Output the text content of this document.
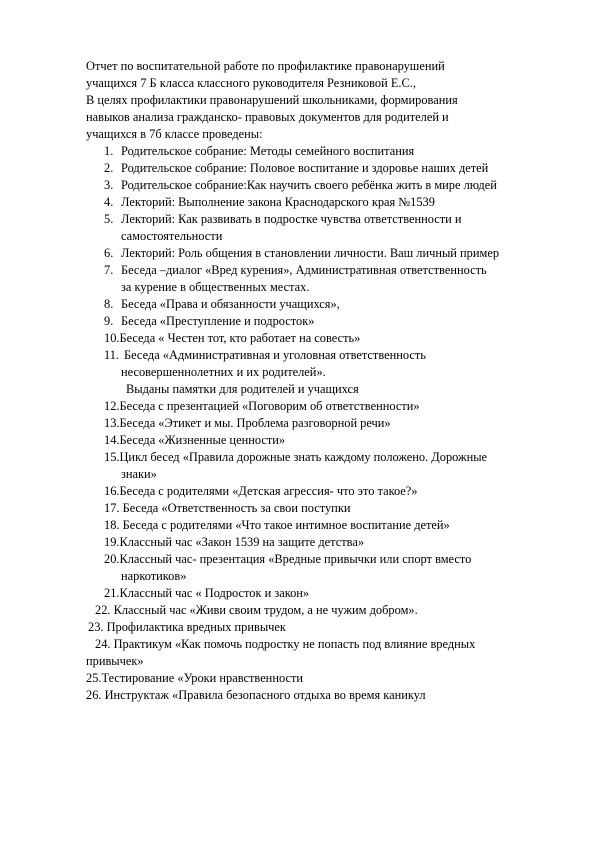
Отчет по воспитательной работе по профилактике правонарушений
учащихся 7 Б класса классного руководителя Резниковой Е.С.,
В целях профилактики правонарушений школьниками, формирования
навыков анализа гражданско- правовых документов для родителей и
учащихся в 7б классе проведены:
1. Родительское собрание: Методы семейного воспитания
2. Родительское собрание: Половое воспитание и здоровье наших детей
3. Родительское собрание:Как научить своего ребёнка жить в мире людей
4. Лекторий: Выполнение закона Краснодарского края №1539
5. Лекторий: Как развивать в подростке чувства ответственности и
самостоятельности
6. Лекторий: Роль общения в становлении личности. Ваш личный пример
7. Беседа –диалог «Вред курения», Административная ответственность
за курение в общественных местах.
8. Беседа «Права и обязанности учащихся»,
9. Беседа «Преступление и подросток»
10.Беседа « Честен тот, кто работает на совесть»
11. Беседа «Административная и уголовная ответственность
несовершеннолетних и их родителей».
Выданы памятки для родителей и учащихся
12.Беседа с презентацией «Поговорим об ответственности»
13.Беседа «Этикет и мы. Проблема разговорной речи»
14.Беседа «Жизненные ценности»
15.Цикл бесед «Правила дорожные знать каждому положено. Дорожные
знаки»
16.Беседа с родителями «Детская агрессия- что это такое?»
17. Беседа «Ответственность за свои поступки
18. Беседа с родителями «Что такое интимное воспитание детей»
19.Классный час «Закон 1539 на защите детства»
20.Классный час- презентация «Вредные привычки или спорт вместо
наркотиков»
21.Классный час « Подросток и закон»
22. Классный час «Живи своим трудом, а не чужим добром».
23. Профилактика вредных привычек
24. Практикум «Как помочь подростку не попасть под влияние вредных
привычек»
25.Тестирование «Уроки нравственности
26. Инструктаж «Правила безопасного отдыха во время каникул
